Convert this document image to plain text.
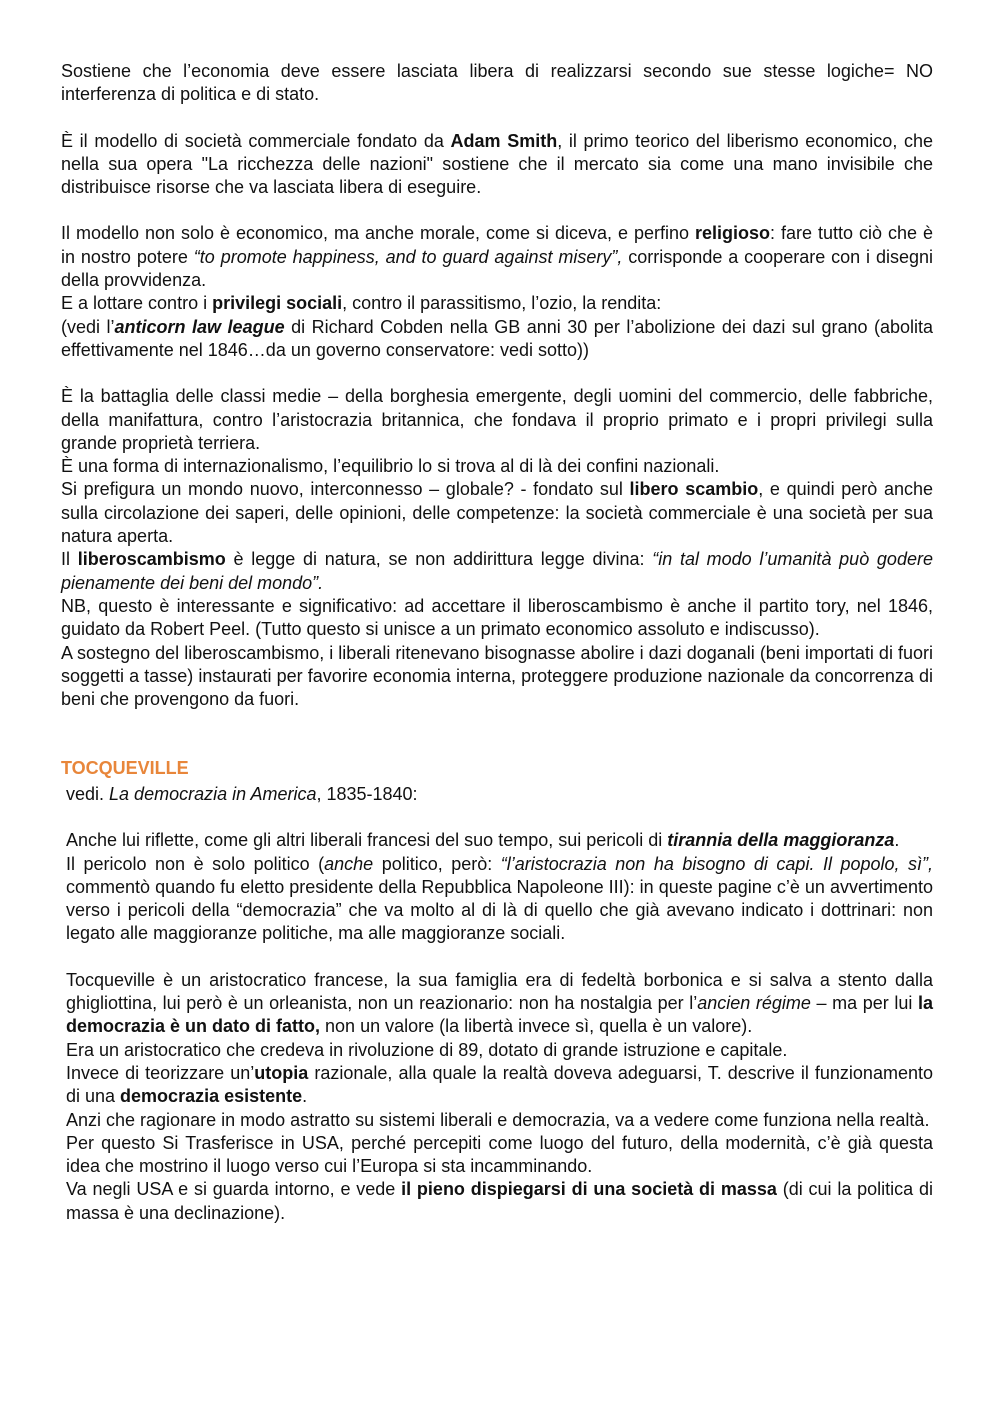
Sostiene che l’economia deve essere lasciata libera di realizzarsi secondo sue stesse logiche= NO interferenza di politica e di stato.

È il modello di società commerciale fondato da Adam Smith, il primo teorico del liberismo economico, che nella sua opera "La ricchezza delle nazioni" sostiene che il mercato sia come una mano invisibile che distribuisce risorse che va lasciata libera di eseguire.

Il modello non solo è economico, ma anche morale, come si diceva, e perfino religioso: fare tutto ciò che è in nostro potere “to promote happiness, and to guard against misery”, corrisponde a cooperare con i disegni della provvidenza.

E a lottare contro i privilegi sociali, contro il parassitismo, l’ozio, la rendita:

(vedi l’anticorn law league di Richard Cobden nella GB anni 30 per l’abolizione dei dazi sul grano (abolita effettivamente nel 1846…da un governo conservatore: vedi sotto))

È la battaglia delle classi medie – della borghesia emergente, degli uomini del commercio, delle fabbriche, della manifattura, contro l’aristocrazia britannica, che fondava il proprio primato e i propri privilegi sulla grande proprietà terriera.

È una forma di internazionalismo, l’equilibrio lo si trova al di là dei confini nazionali.

Si prefigura un mondo nuovo, interconnesso – globale? - fondato sul libero scambio, e quindi però anche sulla circolazione dei saperi, delle opinioni, delle competenze: la società commerciale è una società per sua natura aperta.

Il liberoscambismo è legge di natura, se non addirittura legge divina: “in tal modo l’umanità può godere pienamente dei beni del mondo”.

NB, questo è interessante e significativo: ad accettare il liberoscambismo è anche il partito tory, nel 1846, guidato da Robert Peel. (Tutto questo si unisce a un primato economico assoluto e indiscusso).

A sostegno del liberoscambismo, i liberali ritenevano bisognasse abolire i dazi doganali (beni importati di fuori soggetti a tasse) instaurati per favorire economia interna, proteggere produzione nazionale da concorrenza di beni che provengono da fuori.

TOCQUEVILLE

vedi. La democrazia in America, 1835-1840:

Anche lui riflette, come gli altri liberali francesi del suo tempo, sui pericoli di tirannia della maggioranza.

Il pericolo non è solo politico (anche politico, però: “l’aristocrazia non ha bisogno di capi. Il popolo, sì”, commentò quando fu eletto presidente della Repubblica Napoleone III): in queste pagine c’è un avvertimento verso i pericoli della “democrazia” che va molto al di là di quello che già avevano indicato i dottrinari: non legato alle maggioranze politiche, ma alle maggioranze sociali.

Tocqueville è un aristocratico francese, la sua famiglia era di fedeltà borbonica e si salva a stento dalla ghigliottina, lui però è un orleanista, non un reazionario: non ha nostalgia per l’ancien régime – ma per lui la democrazia è un dato di fatto, non un valore (la libertà invece sì, quella è un valore).

Era un aristocratico che credeva in rivoluzione di 89, dotato di grande istruzione e capitale.

Invece di teorizzare un’utopia razionale, alla quale la realtà doveva adeguarsi, T. descrive il funzionamento di una democrazia esistente.

Anzi che ragionare in modo astratto su sistemi liberali e democrazia, va a vedere come funziona nella realtà.

Per questo Si Trasferisce in USA, perché percepiti come luogo del futuro, della modernità, c’è già questa idea che mostrino il luogo verso cui l’Europa si sta incamminando.

Va negli USA e si guarda intorno, e vede il pieno dispiegarsi di una società di massa (di cui la politica di massa è una declinazione).
